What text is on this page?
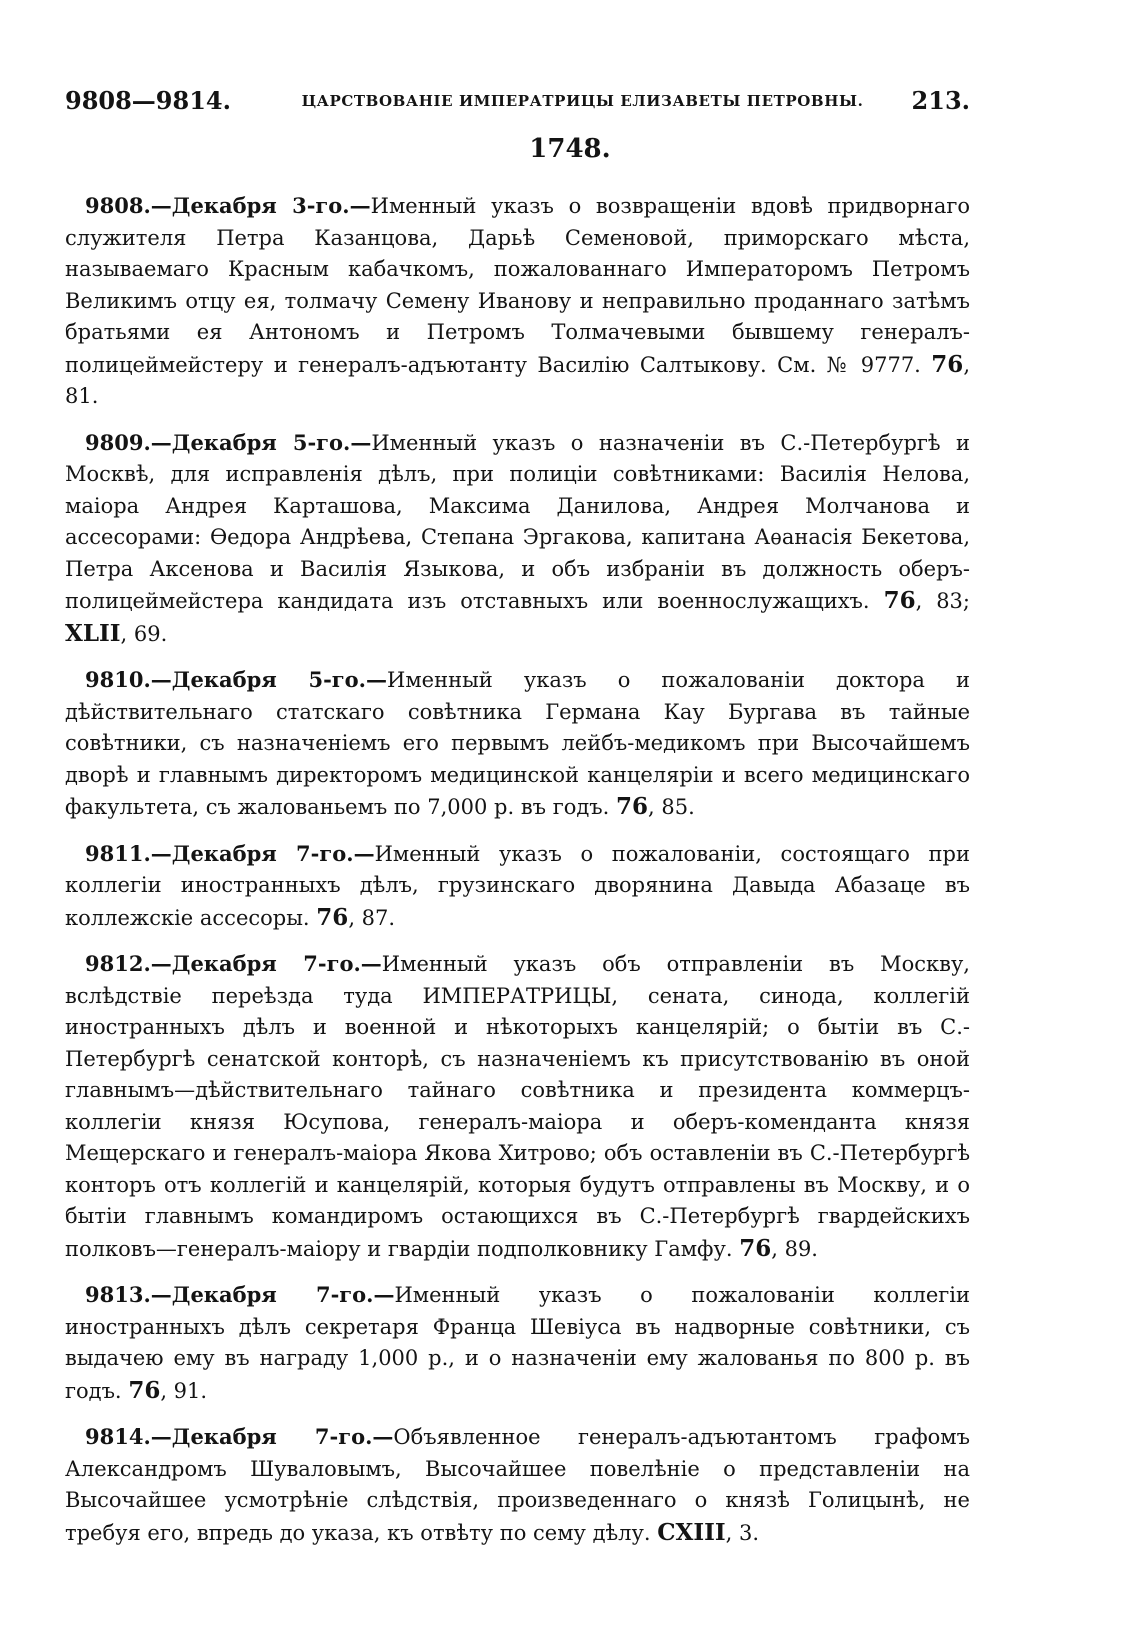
9808—9814.	ЦАРСТВОВАНІЕ ИМПЕРАТРИЦЫ ЕЛИЗАВЕТЫ ПЕТРОВНЫ. 213.
1748.

9808.—Декабря 3-го.—Именный указъ о возвращеніи вдовѣ придворнаго служителя Петра Казанцова, Дарьѣ Семеновой, приморскаго мѣста, называемаго Красным кабачкомъ, пожалованнаго Императоромъ Петромъ Великимъ отцу ея, толмачу Семену Иванову и неправильно проданнаго затѣмъ братьями ея Антономъ и Петромъ Толмачевыми бывшему генералъ-полицеймейстеру и генералъ-адъютанту Василію Салтыкову. См. № 9777. 76, 81.

9809.—Декабря 5-го.—Именный указъ о назначеніи въ С.-Петербургѣ и Москвѣ, для исправленія дѣлъ, при полиціи совѣтниками: Василія Нелова, маіора Андрея Карташова, Максима Данилова, Андрея Молчанова и ассесорами: Ѳедора Андрѣева, Степана Эргакова, капитана Аѳанасія Бекетова, Петра Аксенова и Василія Языкова, и объ избраніи въ должность оберъ-полицеймейстера кандидата изъ отставныхъ или военнослужащихъ. 76, 83; XLII, 69.

9810.—Декабря 5-го.—Именный указъ о пожалованіи доктора и дѣйствительнаго статскаго совѣтника Германа Кау Бургава въ тайные совѣтники, съ назначеніемъ его первымъ лейбъ-медикомъ при Высочайшемъ дворѣ и главнымъ директоромъ медицинской канцеляріи и всего медицинскаго факультета, съ жалованьемъ по 7,000 р. въ годъ. 76, 85.

9811.—Декабря 7-го.—Именный указъ о пожалованіи, состоящаго при коллегіи иностранныхъ дѣлъ, грузинскаго дворянина Давыда Абазаце въ коллежскіе ассесоры. 76, 87.

9812.—Декабря 7-го.—Именный указъ объ отправленіи въ Москву, вслѣдствіе переѣзда туда ИМПЕРАТРИЦЫ, сената, синода, коллегій иностранныхъ дѣлъ и военной и нѣкоторыхъ канцелярій; о бытіи въ С.-Петербургѣ сенатской конторѣ, съ назначеніемъ къ присутствованію въ оной главнымъ—дѣйствительнаго тайнаго совѣтника и президента коммерцъ-коллегіи князя Юсупова, генералъ-маіора и оберъ-коменданта князя Мещерскаго и генералъ-маіора Якова Хитрово; объ оставленіи въ С.-Петербургѣ конторъ отъ коллегій и канцелярій, которыя будутъ отправлены въ Москву, и о бытіи главнымъ командиромъ остающихся въ С.-Петербургѣ гвардейскихъ полковъ—генералъ-маіору и гвардіи подполковнику Гамфу. 76, 89.

9813.—Декабря 7-го.—Именный указъ о пожалованіи коллегіи иностранныхъ дѣлъ секретаря Франца Шевіуса въ надворные совѣтники, съ выдачею ему въ награду 1,000 р., и о назначеніи ему жалованья по 800 р. въ годъ. 76, 91.

9814.—Декабря 7-го.—Объявленное генералъ-адъютантомъ графомъ Александромъ Шуваловымъ, Высочайшее повелѣніе о представленіи на Высочайшее усмотрѣніе слѣдствія, произведеннаго о князѣ Голицынѣ, не требуя его, впредь до указа, къ отвѣту по сему дѣлу. CXIII, 3.
